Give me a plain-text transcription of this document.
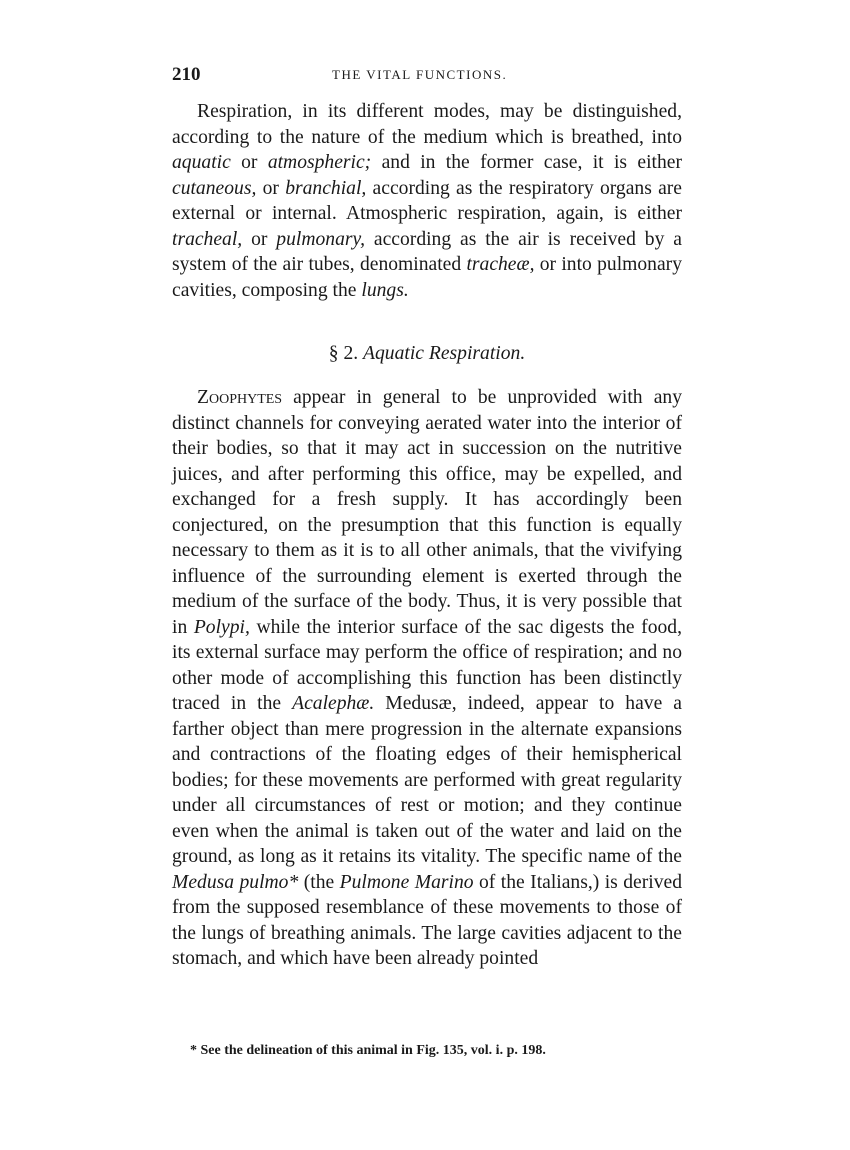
210	THE VITAL FUNCTIONS.

Respiration, in its different modes, may be distinguished, according to the nature of the medium which is breathed, into aquatic or atmospheric; and in the former case, it is either cutaneous, or branchial, according as the respiratory organs are external or internal. Atmospheric respiration, again, is either tracheal, or pulmonary, according as the air is received by a system of the air tubes, denominated tracheæ, or into pulmonary cavities, composing the lungs.

§ 2. Aquatic Respiration.

Zoophytes appear in general to be unprovided with any distinct channels for conveying aerated water into the interior of their bodies, so that it may act in succession on the nutritive juices, and after performing this office, may be expelled, and exchanged for a fresh supply. It has accordingly been conjectured, on the presumption that this function is equally necessary to them as it is to all other animals, that the vivifying influence of the surrounding element is exerted through the medium of the surface of the body. Thus, it is very possible that in Polypi, while the interior surface of the sac digests the food, its external surface may perform the office of respiration; and no other mode of accomplishing this function has been distinctly traced in the Acalephæ. Medusæ, indeed, appear to have a farther object than mere progression in the alternate expansions and contractions of the floating edges of their hemispherical bodies; for these movements are performed with great regularity under all circumstances of rest or motion; and they continue even when the animal is taken out of the water and laid on the ground, as long as it retains its vitality. The specific name of the Medusa pulmo* (the Pulmone Marino of the Italians,) is derived from the supposed resemblance of these movements to those of the lungs of breathing animals. The large cavities adjacent to the stomach, and which have been already pointed

* See the delineation of this animal in Fig. 135, vol. i. p. 198.
